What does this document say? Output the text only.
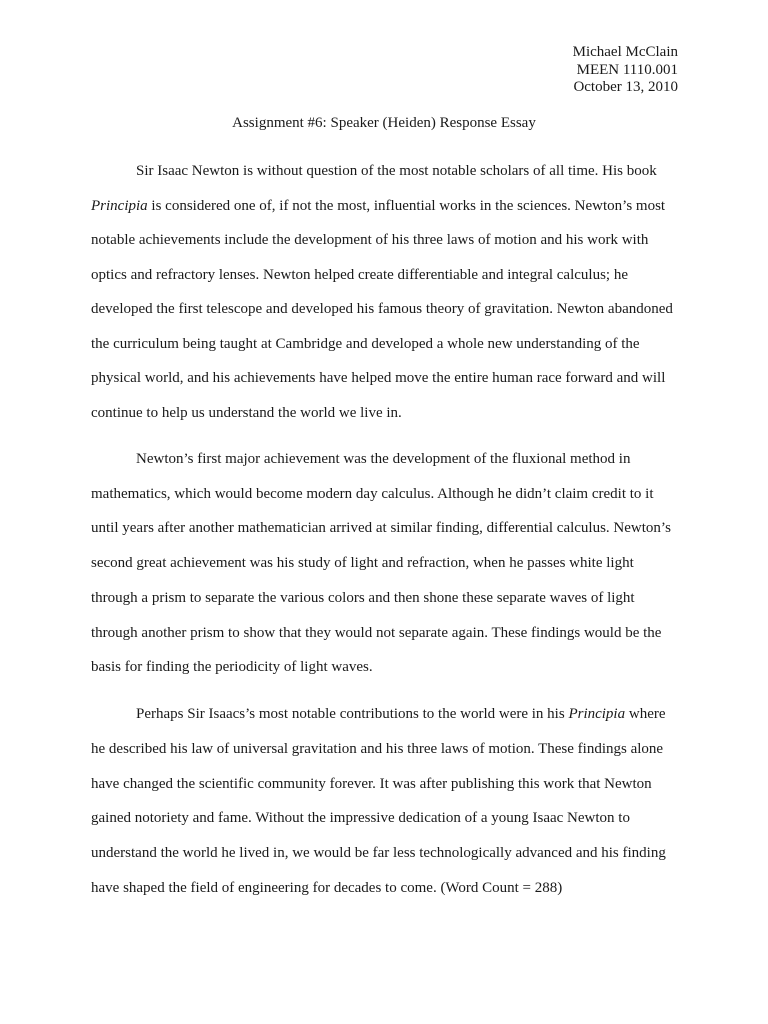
Michael McClain
MEEN 1110.001
October 13, 2010
Assignment #6: Speaker (Heiden) Response Essay
Sir Isaac Newton is without question of the most notable scholars of all time. His book
Principia is considered one of, if not the most, influential works in the sciences. Newton’s most
notable achievements include the development of his three laws of motion and his work with
optics and refractory lenses. Newton helped create differentiable and integral calculus; he
developed the first telescope and developed his famous theory of gravitation. Newton abandoned
the curriculum being taught at Cambridge and developed a whole new understanding of the
physical world, and his achievements have helped move the entire human race forward and will
continue to help us understand the world we live in.
Newton’s first major achievement was the development of the fluxional method in
mathematics, which would become modern day calculus. Although he didn’t claim credit to it
until years after another mathematician arrived at similar finding, differential calculus. Newton’s
second great achievement was his study of light and refraction, when he passes white light
through a prism to separate the various colors and then shone these separate waves of light
through another prism to show that they would not separate again. These findings would be the
basis for finding the periodicity of light waves.
Perhaps Sir Isaacs’s most notable contributions to the world were in his Principia where
he described his law of universal gravitation and his three laws of motion. These findings alone
have changed the scientific community forever. It was after publishing this work that Newton
gained notoriety and fame. Without the impressive dedication of a young Isaac Newton to
understand the world he lived in, we would be far less technologically advanced and his finding
have shaped the field of engineering for decades to come. (Word Count = 288)
